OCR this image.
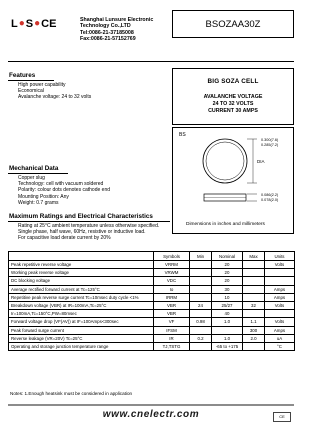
L ● S ● CE	Shanghai Lunsure Electronic
Technology Co.,LTD
Tel:0086-21-37185008
Fax:0086-21-57152769
BSOZAA30Z
BIG SOZA CELL
AVALANCHE VOLTAGE
24 TO 32 VOLTS
CURRENT 30 AMPS
Features
High power capability
Economical
Avalanche voltage: 24 to 32 volts
Mechanical Data
Copper slug
Technology: cell with vacuum soldered
Polarity: colour dots denotes cathode end
Mounting Position: Any
Weight: 0.7 grams
BS
DIA
0.300(7.6)
0.285(7.2)
0.086(2.2)
0.078(2.0)
Dimensions in inches and millimeters
Maximum Ratings and Electrical Characteristics
Rating at 25°C ambient temperature unless otherwise specified.
Single phase, half wave, 60Hz, resistive or inductive load.
For capacitive load derate current by 20%
	Symbols	Min	Nominal	Max	Units
Peak repetitive reverse voltage	VRRM		20		Volts
Working peak reverse voltage	VRWM		20		
DC blocking voltage	VDC		20		
Average rectified forward current at Tc=125°C	Io		30		Amps
Repetitive peak reverse surge current Tc=10msec duty cycle <1%	IRRM		10		Amps
Breakdown voltage (VBR) at IR=100mA,Tc=25°C	VBR	24	25/27	32	Volts
Ir=100mA,Tc=150°C,PW=80msec	VBR		40		
Forward voltage drop (VF(AV)) at IF=100Amps<300sec	VF	0.98	1.0	1.1	Volts
Peak forward surge current	IFSM			300	Amps
Reverse leakage (VR=20V) Tc=25°C	IR	0.2	1.0	2.0	uA
Operating and storage junction temperature range	TJ,TSTG		-65 to +175		°C
Notes: 1.Enough heatsink must be considered in application
www.cnelectr.com	CE
